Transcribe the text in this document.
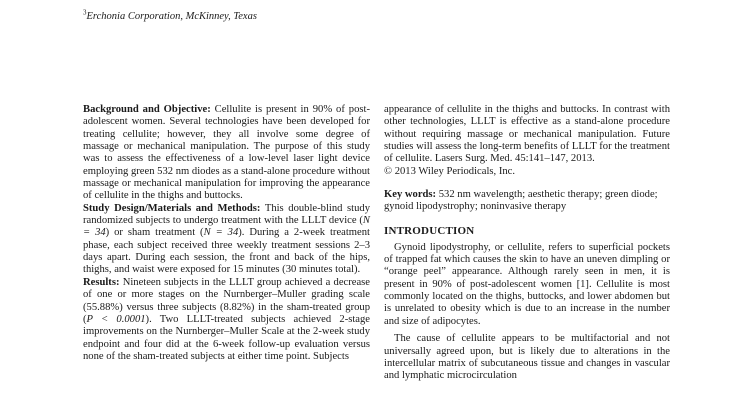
$^3$Erchonia Corporation, McKinney, Texas

Background and Objective: Cellulite is present in 90% of post-adolescent women. Several technologies have been developed for treating cellulite; however, they all involve some degree of massage or mechanical manipulation. The purpose of this study was to assess the effectiveness of a low-level laser light device employing green 532 nm diodes as a stand-alone procedure without massage or mechanical manipulation for improving the appearance of cellulite in the thighs and buttocks.

Study Design/Materials and Methods: This double-blind study randomized subjects to undergo treatment with the LLLT device (N = 34) or sham treatment (N = 34). During a 2-week treatment phase, each subject received three weekly treatment sessions 2–3 days apart. During each session, the front and back of the hips, thighs, and waist were exposed for 15 minutes (30 minutes total).

Results: Nineteen subjects in the LLLT group achieved a decrease of one or more stages on the Nurnberger–Muller grading scale (55.88%) versus three subjects (8.82%) in the sham-treated group (P < 0.0001). Two LLLT-treated subjects achieved 2-stage improvements on the Nurnberger–Muller Scale at the 2-week study endpoint and four did at the 6-week follow-up evaluation versus none of the sham-treated subjects at either time point. Subjects

appearance of cellulite in the thighs and buttocks. In contrast with other technologies, LLLT is effective as a stand-alone procedure without requiring massage or mechanical manipulation. Future studies will assess the long-term benefits of LLLT for the treatment of cellulite. Lasers Surg. Med. 45:141–147, 2013.

© 2013 Wiley Periodicals, Inc.

Key words: 532 nm wavelength; aesthetic therapy; green diode; gynoid lipodystrophy; noninvasive therapy

INTRODUCTION

Gynoid lipodystrophy, or cellulite, refers to superficial pockets of trapped fat which causes the skin to have an uneven dimpling or “orange peel” appearance. Although rarely seen in men, it is present in 90% of post-adolescent women [1]. Cellulite is most commonly located on the thighs, buttocks, and lower abdomen but is unrelated to obesity which is due to an increase in the number and size of adipocytes.

The cause of cellulite appears to be multifactorial and not universally agreed upon, but is likely due to alterations in the intercellular matrix of subcutaneous tissue and changes in vascular and lymphatic microcirculation
